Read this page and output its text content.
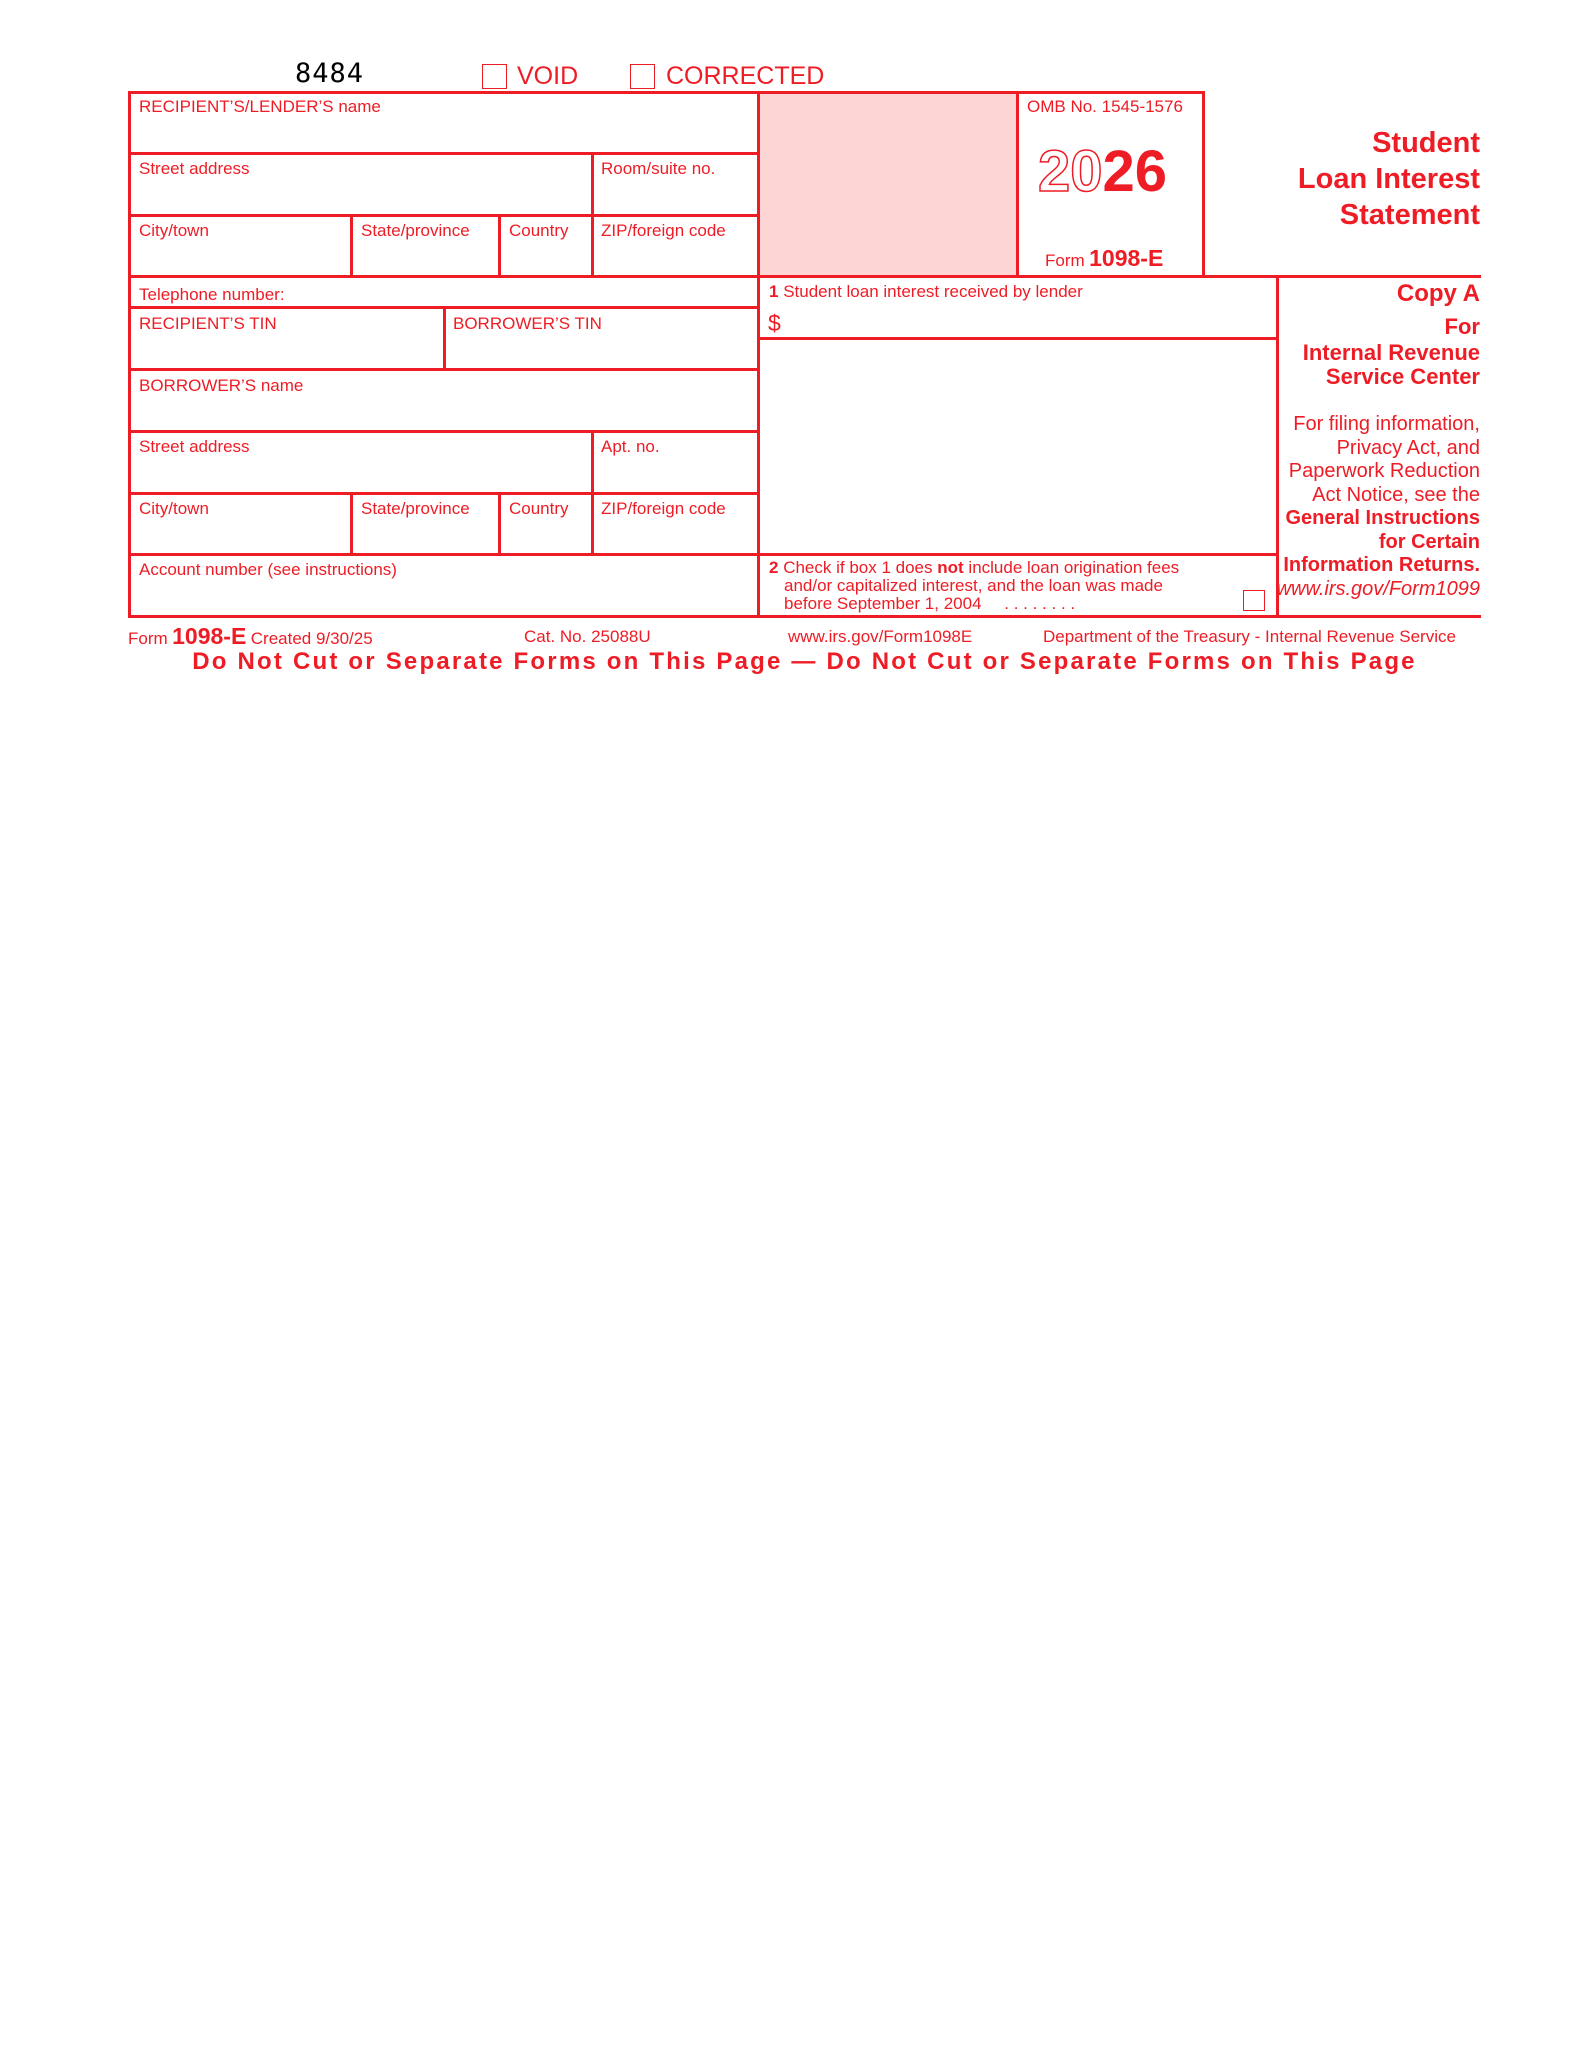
8484	VOID	CORRECTED
RECIPIENT’S/LENDER’S name
Street address	Room/suite no.
City/town	State/province Country ZIP/foreign code
Telephone number:
RECIPIENT’S TIN	BORROWER’S TIN
BORROWER’S name
Street address	Apt. no.
City/town	State/province Country ZIP/foreign code
Account number (see instructions)
OMB No. 1545-1576
2026
Form 1098-E
Student
Loan Interest
Statement
1 Student loan interest received by lender
$
2 Check if box 1 does not include loan origination fees
and/or capitalized interest, and the loan was made
before September 1, 2004 . . . . . . . .
Copy A
For
Internal Revenue
Service Center
For filing information,
Privacy Act, and
Paperwork Reduction
Act Notice, see the
General Instructions
for Certain
Information Returns.
www.irs.gov/Form1099
Form 1098-E Created 9/30/25	Cat. No. 25088U	www.irs.gov/Form1098E	Department of the Treasury - Internal Revenue Service
Do Not Cut or Separate Forms on This Page — Do Not Cut or Separate Forms on This Page
